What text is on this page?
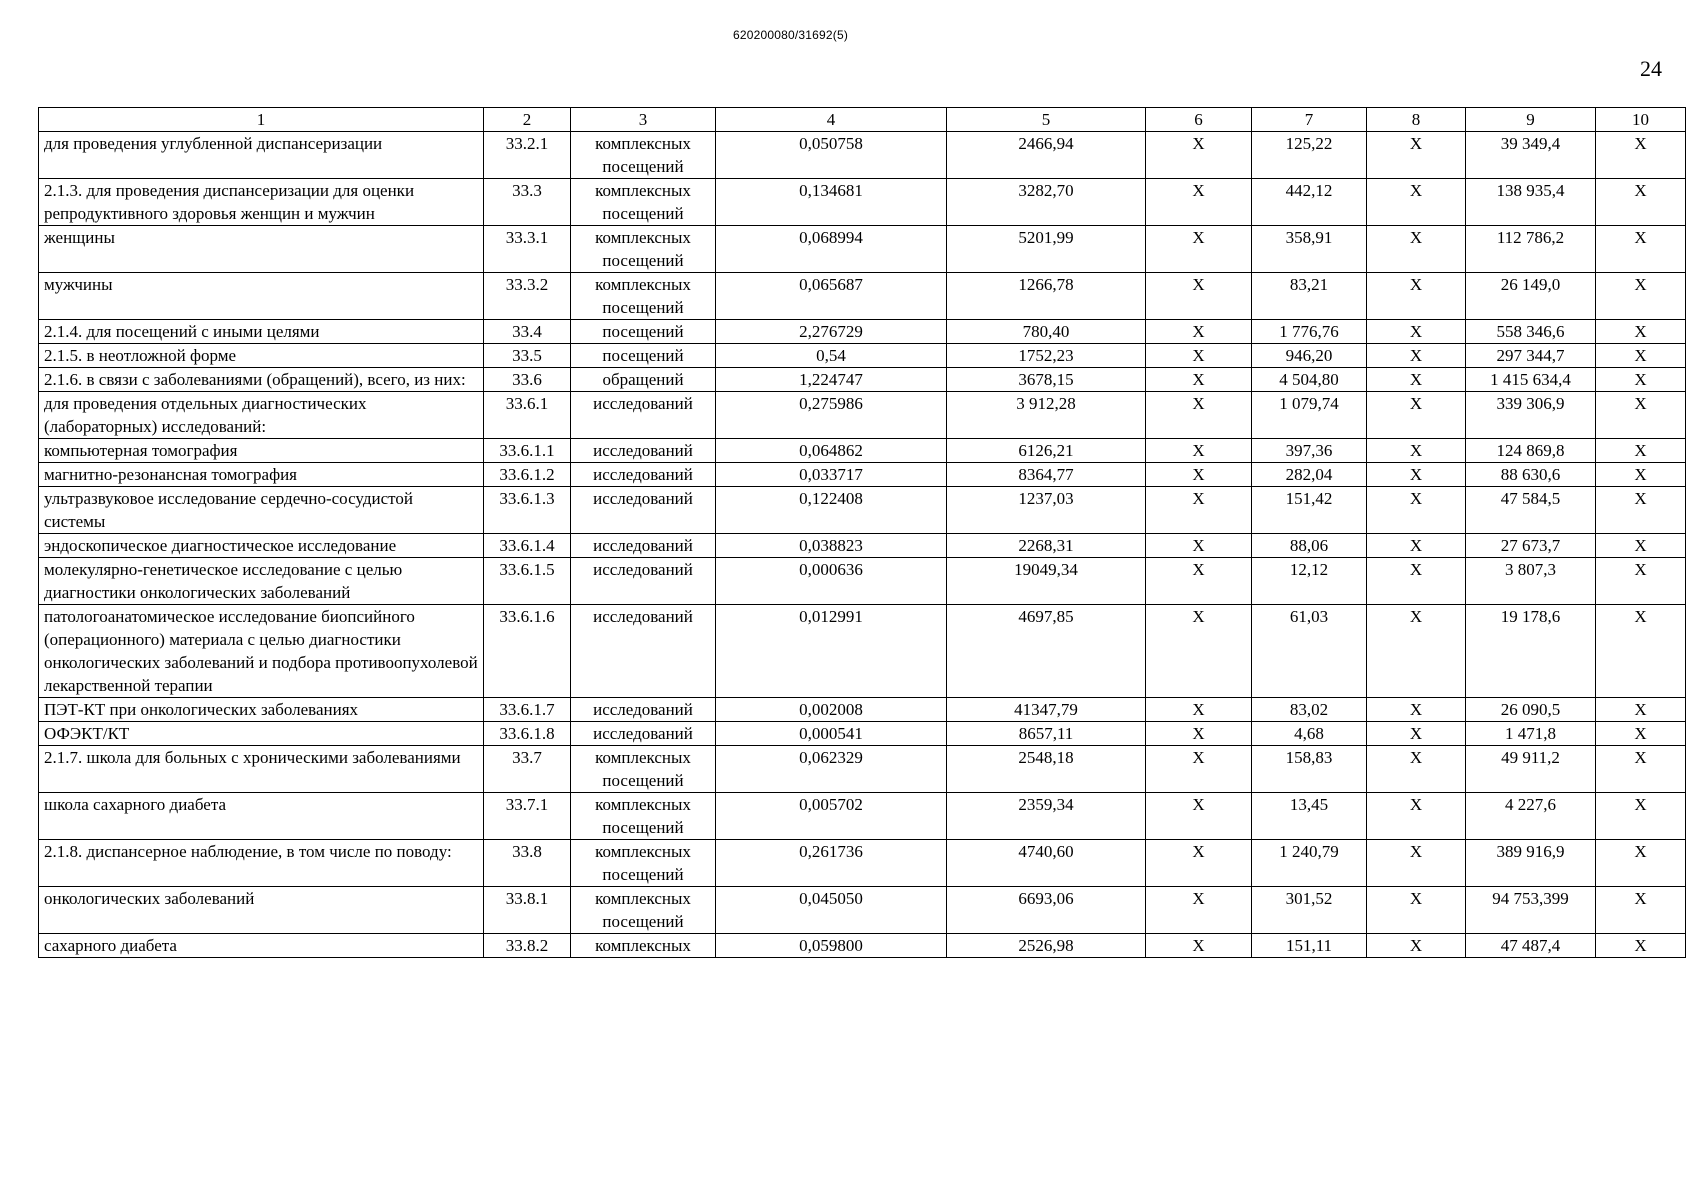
620200080/31692(5)
24
1	2	3	4	5	6	7	8	9	10
для проведения углубленной диспансеризации	33.2.1	комплексных посещений	0,050758	2466,94	Х	125,22	Х	39 349,4	Х
2.1.3. для проведения диспансеризации для оценки репродуктивного здоровья женщин и мужчин	33.3	комплексных посещений	0,134681	3282,70	Х	442,12	Х	138 935,4	Х
женщины	33.3.1	комплексных посещений	0,068994	5201,99	Х	358,91	Х	112 786,2	Х
мужчины	33.3.2	комплексных посещений	0,065687	1266,78	Х	83,21	Х	26 149,0	Х
2.1.4. для посещений с иными целями	33.4	посещений	2,276729	780,40	Х	1 776,76	Х	558 346,6	Х
2.1.5. в неотложной форме	33.5	посещений	0,54	1752,23	Х	946,20	Х	297 344,7	Х
2.1.6. в связи с заболеваниями (обращений), всего, из них:	33.6	обращений	1,224747	3678,15	Х	4 504,80	Х	1 415 634,4	Х
для проведения отдельных диагностических (лабораторных) исследований:	33.6.1	исследований	0,275986	3 912,28	Х	1 079,74	Х	339 306,9	Х
компьютерная томография	33.6.1.1	исследований	0,064862	6126,21	Х	397,36	Х	124 869,8	Х
магнитно-резонансная томография	33.6.1.2	исследований	0,033717	8364,77	Х	282,04	Х	88 630,6	Х
ультразвуковое исследование сердечно-сосудистой системы	33.6.1.3	исследований	0,122408	1237,03	Х	151,42	Х	47 584,5	Х
эндоскопическое диагностическое исследование	33.6.1.4	исследований	0,038823	2268,31	Х	88,06	Х	27 673,7	Х
молекулярно-генетическое исследование с целью диагностики онкологических заболеваний	33.6.1.5	исследований	0,000636	19049,34	Х	12,12	Х	3 807,3	Х
патологоанатомическое исследование биопсийного (операционного) материала с целью диагностики онкологических заболеваний и подбора противоопухолевой лекарственной терапии	33.6.1.6	исследований	0,012991	4697,85	Х	61,03	Х	19 178,6	Х
ПЭТ-КТ при онкологических заболеваниях	33.6.1.7	исследований	0,002008	41347,79	Х	83,02	Х	26 090,5	Х
ОФЭКТ/КТ	33.6.1.8	исследований	0,000541	8657,11	Х	4,68	Х	1 471,8	Х
2.1.7. школа для больных с хроническими заболеваниями	33.7	комплексных посещений	0,062329	2548,18	Х	158,83	Х	49 911,2	Х
школа сахарного диабета	33.7.1	комплексных посещений	0,005702	2359,34	Х	13,45	Х	4 227,6	Х
2.1.8. диспансерное наблюдение, в том числе по поводу:	33.8	комплексных посещений	0,261736	4740,60	Х	1 240,79	Х	389 916,9	Х
онкологических заболеваний	33.8.1	комплексных посещений	0,045050	6693,06	Х	301,52	Х	94 753,399	Х
сахарного диабета	33.8.2	комплексных	0,059800	2526,98	Х	151,11	Х	47 487,4	Х
